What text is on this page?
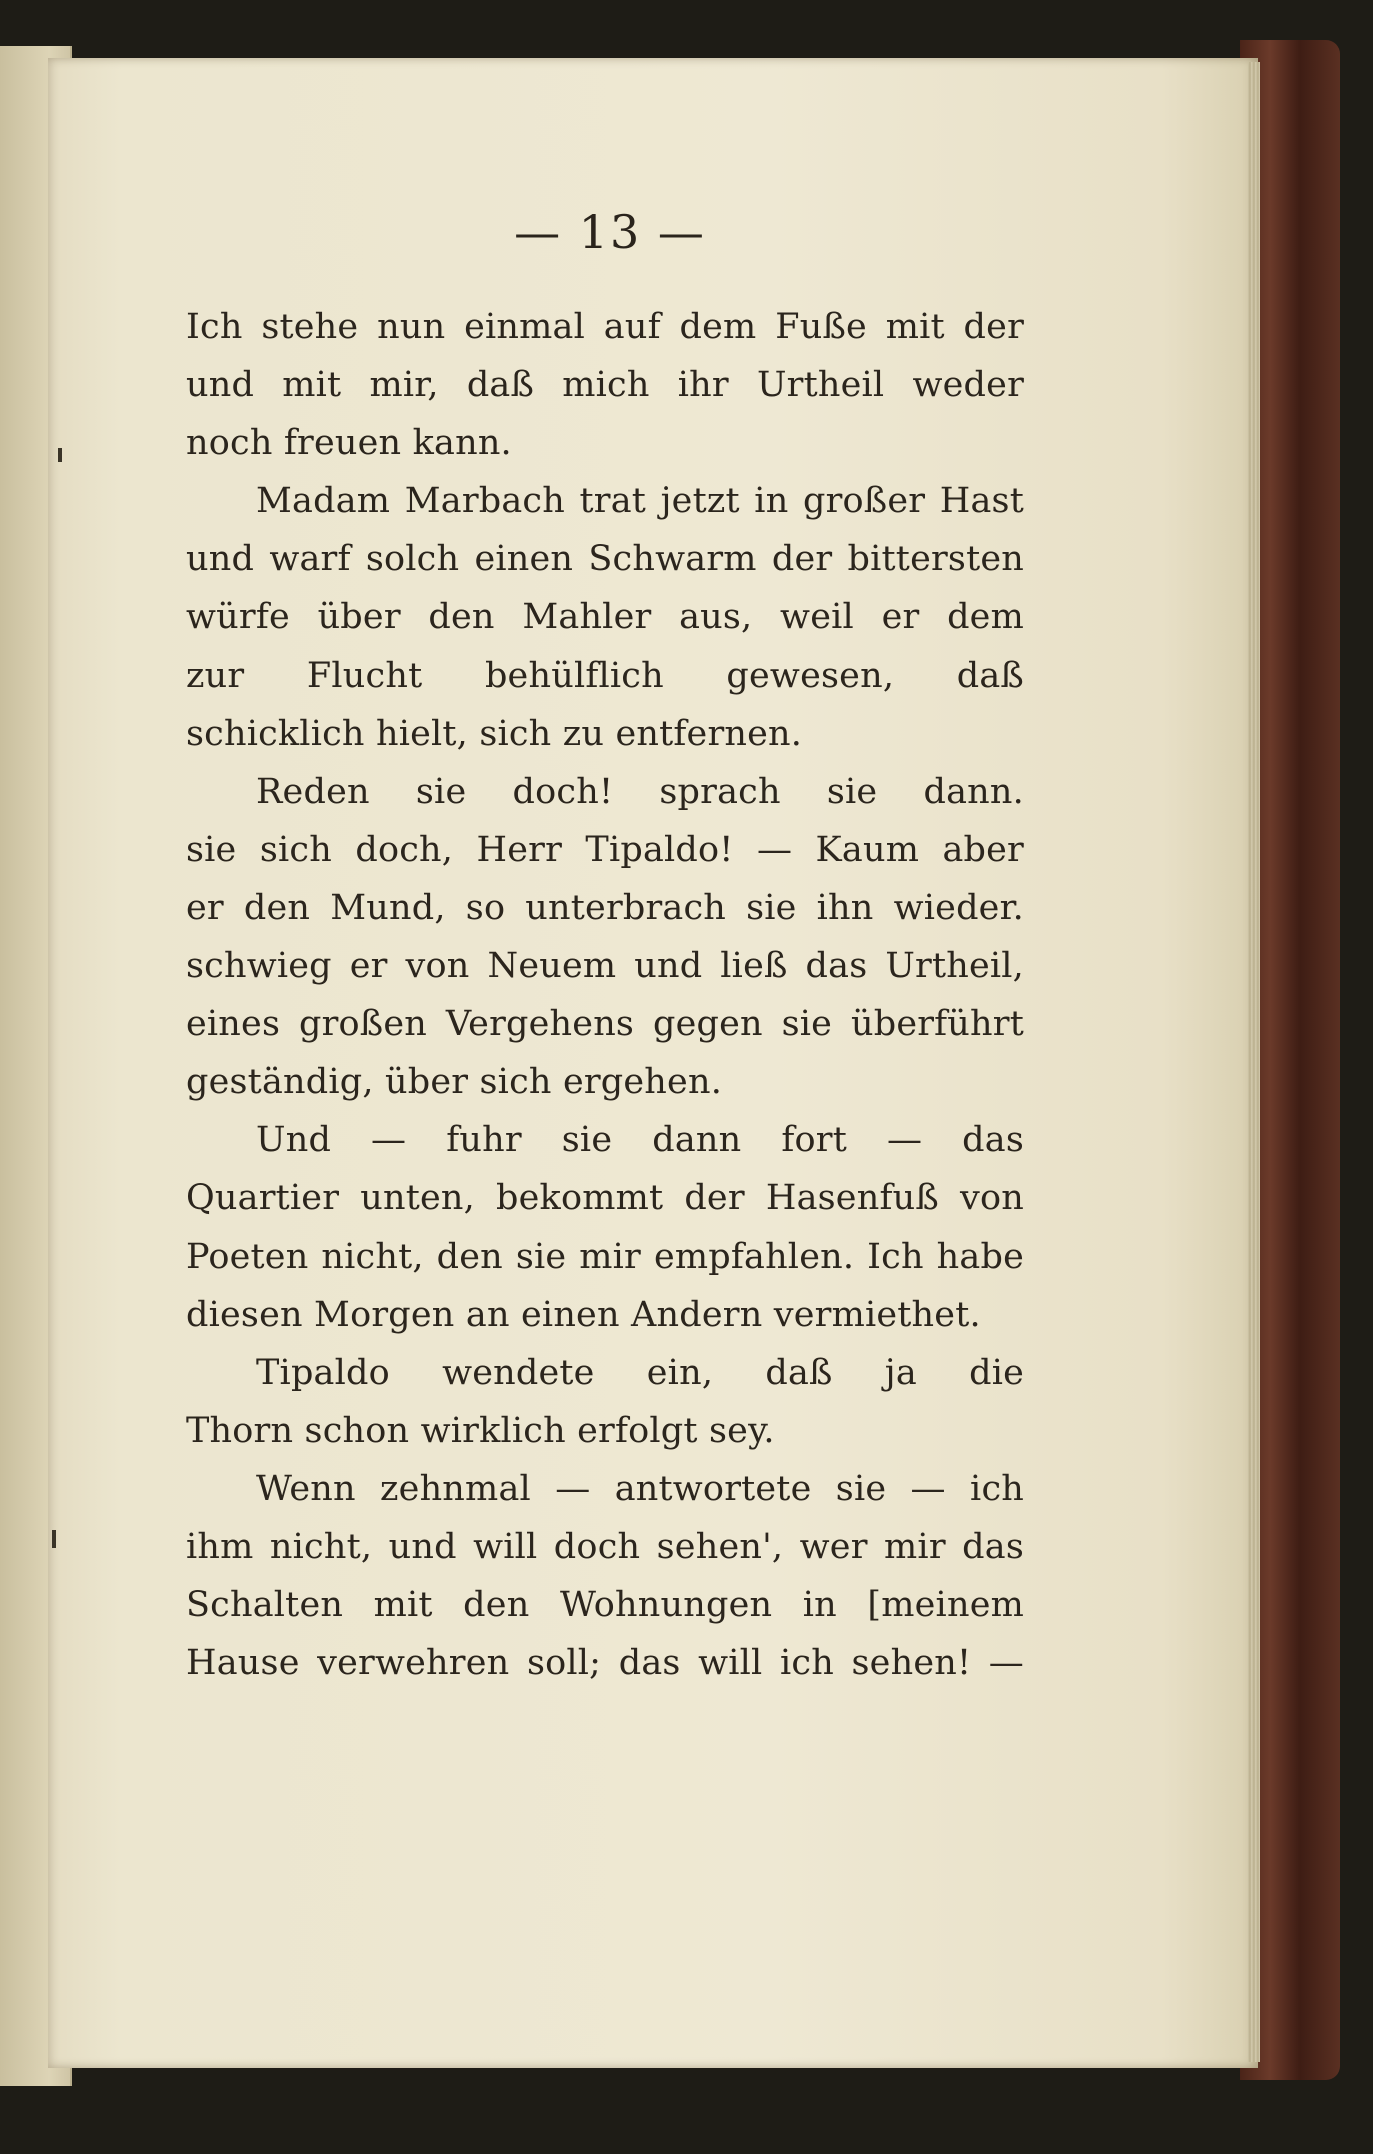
— 13 —
Ich stehe nun einmal auf dem Fuße mit der
und mit mir, daß mich ihr Urtheil weder
noch freuen kann.
Madam Marbach trat jetzt in großer Hast
und warf solch einen Schwarm der bittersten
würfe über den Mahler aus, weil er dem
zur Flucht behülflich gewesen, daß
schicklich hielt, sich zu entfernen.
Reden sie doch! sprach sie dann.
sie sich doch, Herr Tipaldo! — Kaum aber
er den Mund, so unterbrach sie ihn wieder.
schwieg er von Neuem und ließ das Urtheil,
eines großen Vergehens gegen sie überführt
geständig, über sich ergehen.
Und — fuhr sie dann fort — das
Quartier unten, bekommt der Hasenfuß von
Poeten nicht, den sie mir empfahlen. Ich habe
diesen Morgen an einen Andern vermiethet.
Tipaldo wendete ein, daß ja die
Thorn schon wirklich erfolgt sey.
Wenn zehnmal — antwortete sie — ich
ihm nicht, und will doch sehen', wer mir das
Schalten mit den Wohnungen in [meinem
Hause verwehren soll; das will ich sehen! —
